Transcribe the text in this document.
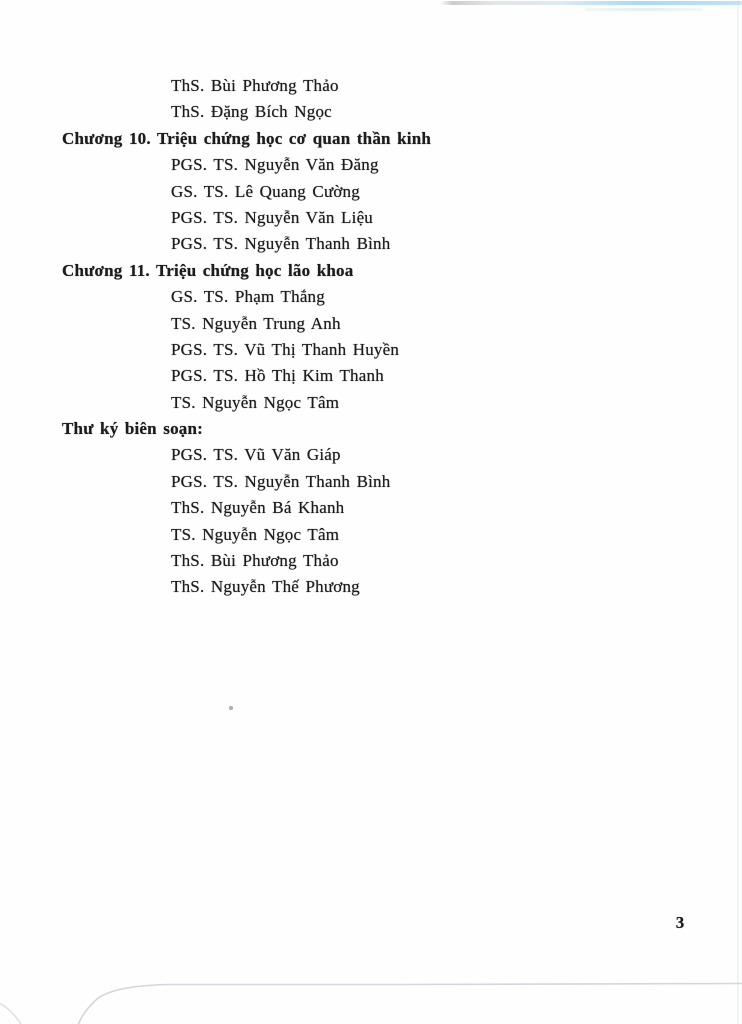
ThS. Bùi Phương Thảo
ThS. Đặng Bích Ngọc
Chương 10. Triệu chứng học cơ quan thần kinh
PGS. TS. Nguyễn Văn Đăng
GS. TS. Lê Quang Cường
PGS. TS. Nguyễn Văn Liệu
PGS. TS. Nguyễn Thanh Bình
Chương 11. Triệu chứng học lão khoa
GS. TS. Phạm Thắng
TS. Nguyễn Trung Anh
PGS. TS. Vũ Thị Thanh Huyền
PGS. TS. Hồ Thị Kim Thanh
TS. Nguyễn Ngọc Tâm
Thư ký biên soạn:
PGS. TS. Vũ Văn Giáp
PGS. TS. Nguyễn Thanh Bình
ThS. Nguyễn Bá Khanh
TS. Nguyễn Ngọc Tâm
ThS. Bùi Phương Thảo
ThS. Nguyễn Thế Phương
3
